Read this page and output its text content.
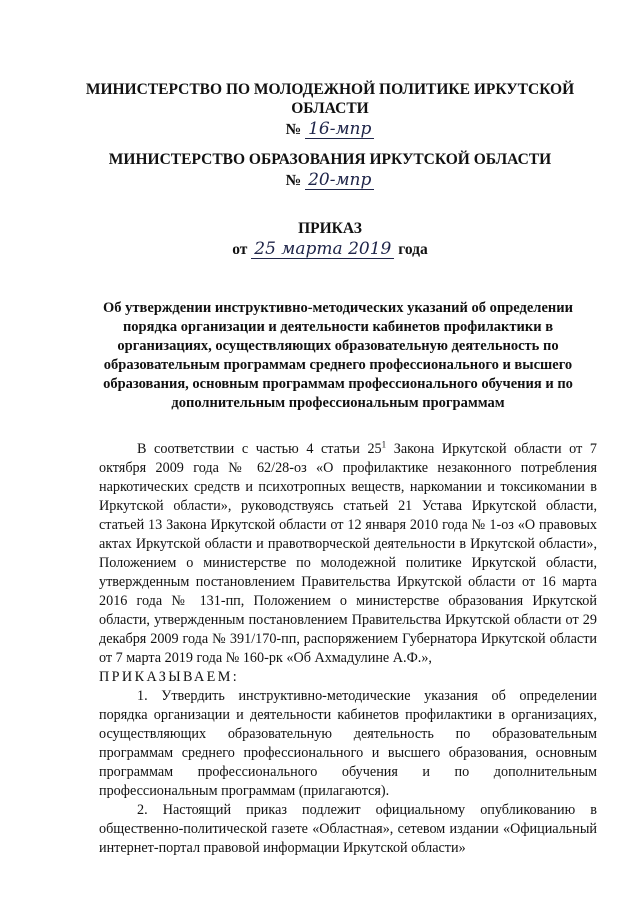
МИНИСТЕРСТВО ПО МОЛОДЕЖНОЙ ПОЛИТИКЕ ИРКУТСКОЙ ОБЛАСТИ
№ 16-мпр
МИНИСТЕРСТВО ОБРАЗОВАНИЯ ИРКУТСКОЙ ОБЛАСТИ
№ 20-мпр
ПРИКАЗ
от 25 марта 2019 года
Об утверждении инструктивно-методических указаний об определении порядка организации и деятельности кабинетов профилактики в организациях, осуществляющих образовательную деятельность по образовательным программам среднего профессионального и высшего образования, основным программам профессионального обучения и по дополнительным профессиональным программам

В соответствии с частью 4 статьи $25^1$ Закона Иркутской области от 7 октября 2009 года № 62/28-оз «О профилактике незаконного потребления наркотических средств и психотропных веществ, наркомании и токсикомании в Иркутской области», руководствуясь статьей 21 Устава Иркутской области, статьей 13 Закона Иркутской области от 12 января 2010 года № 1-оз «О правовых актах Иркутской области и правотворческой деятельности в Иркутской области», Положением о министерстве по молодежной политике Иркутской области, утвержденным постановлением Правительства Иркутской области от 16 марта 2016 года № 131-пп, Положением о министерстве образования Иркутской области, утвержденным постановлением Правительства Иркутской области от 29 декабря 2009 года № 391/170-пп, распоряжением Губернатора Иркутской области от 7 марта 2019 года № 160-рк «Об Ахмадулине А.Ф.»,

ПРИКАЗЫВАЕМ:

1. Утвердить инструктивно-методические указания об определении порядка организации и деятельности кабинетов профилактики в организациях, осуществляющих образовательную деятельность по образовательным программам среднего профессионального и высшего образования, основным программам профессионального обучения и по дополнительным профессиональным программам (прилагаются).

2. Настоящий приказ подлежит официальному опубликованию в общественно-политической газете «Областная», сетевом издании «Официальный интернет-портал правовой информации Иркутской области»
